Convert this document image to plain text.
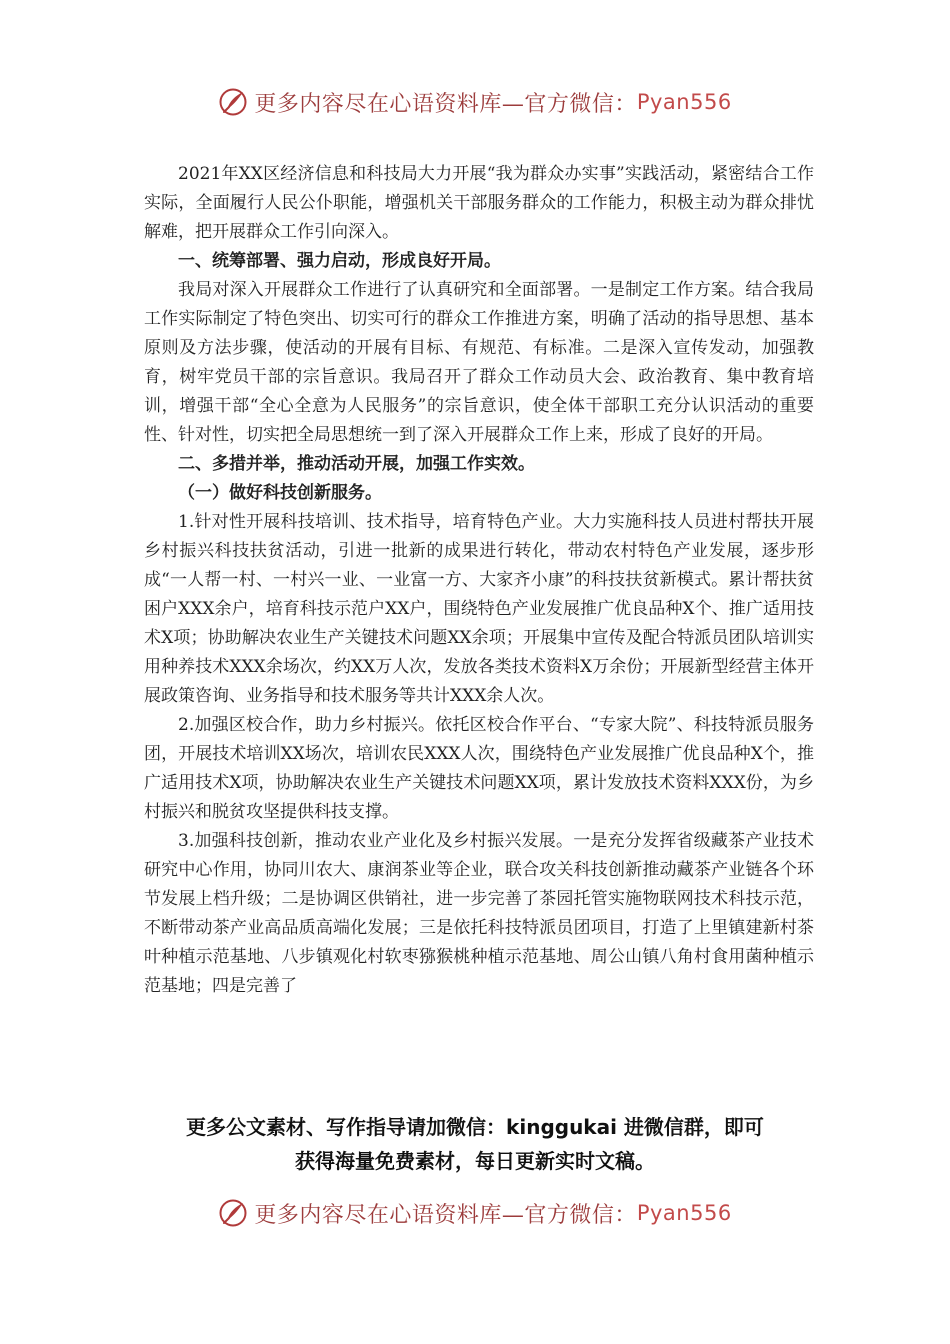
更多内容尽在心语资料库—官方微信： Pyan556

2021年XX区经济信息和科技局大力开展“我为群众办实事”实践活动，紧密结合工作实际，全面履行人民公仆职能，增强机关干部服务群众的工作能力，积极主动为群众排忧解难，把开展群众工作引向深入。

一、统筹部署、强力启动，形成良好开局。

我局对深入开展群众工作进行了认真研究和全面部署。一是制定工作方案。结合我局工作实际制定了特色突出、切实可行的群众工作推进方案，明确了活动的指导思想、基本原则及方法步骤，使活动的开展有目标、有规范、有标准。二是深入宣传发动，加强教育，树牢党员干部的宗旨意识。我局召开了群众工作动员大会、政治教育、集中教育培训，增强干部“全心全意为人民服务”的宗旨意识，使全体干部职工充分认识活动的重要性、针对性，切实把全局思想统一到了深入开展群众工作上来，形成了良好的开局。

二、多措并举，推动活动开展，加强工作实效。

（一）做好科技创新服务。

1.针对性开展科技培训、技术指导，培育特色产业。大力实施科技人员进村帮扶开展乡村振兴科技扶贫活动，引进一批新的成果进行转化，带动农村特色产业发展，逐步形成“一人帮一村、一村兴一业、一业富一方、大家齐小康”的科技扶贫新模式。累计帮扶贫困户XXX余户，培育科技示范户XX户，围绕特色产业发展推广优良品种X个、推广适用技术X项；协助解决农业生产关键技术问题XX余项；开展集中宣传及配合特派员团队培训实用种养技术XXX余场次，约XX万人次，发放各类技术资料X万余份；开展新型经营主体开展政策咨询、业务指导和技术服务等共计XXX余人次。

2.加强区校合作，助力乡村振兴。依托区校合作平台、“专家大院”、科技特派员服务团，开展技术培训XX场次，培训农民XXX人次，围绕特色产业发展推广优良品种X个，推广适用技术X项，协助解决农业生产关键技术问题XX项，累计发放技术资料XXX份，为乡村振兴和脱贫攻坚提供科技支撑。

3.加强科技创新，推动农业产业化及乡村振兴发展。一是充分发挥省级藏茶产业技术研究中心作用，协同川农大、康润茶业等企业，联合攻关科技创新推动藏茶产业链各个环节发展上档升级；二是协调区供销社，进一步完善了茶园托管实施物联网技术科技示范，不断带动茶产业高品质高端化发展；三是依托科技特派员团项目，打造了上里镇建新村茶叶种植示范基地、八步镇观化村软枣猕猴桃种植示范基地、周公山镇八角村食用菌种植示范基地；四是完善了

更多公文素材、写作指导请加微信：kinggukai 进微信群，即可
获得海量免费素材，每日更新实时文稿。
更多内容尽在心语资料库—官方微信： Pyan556
